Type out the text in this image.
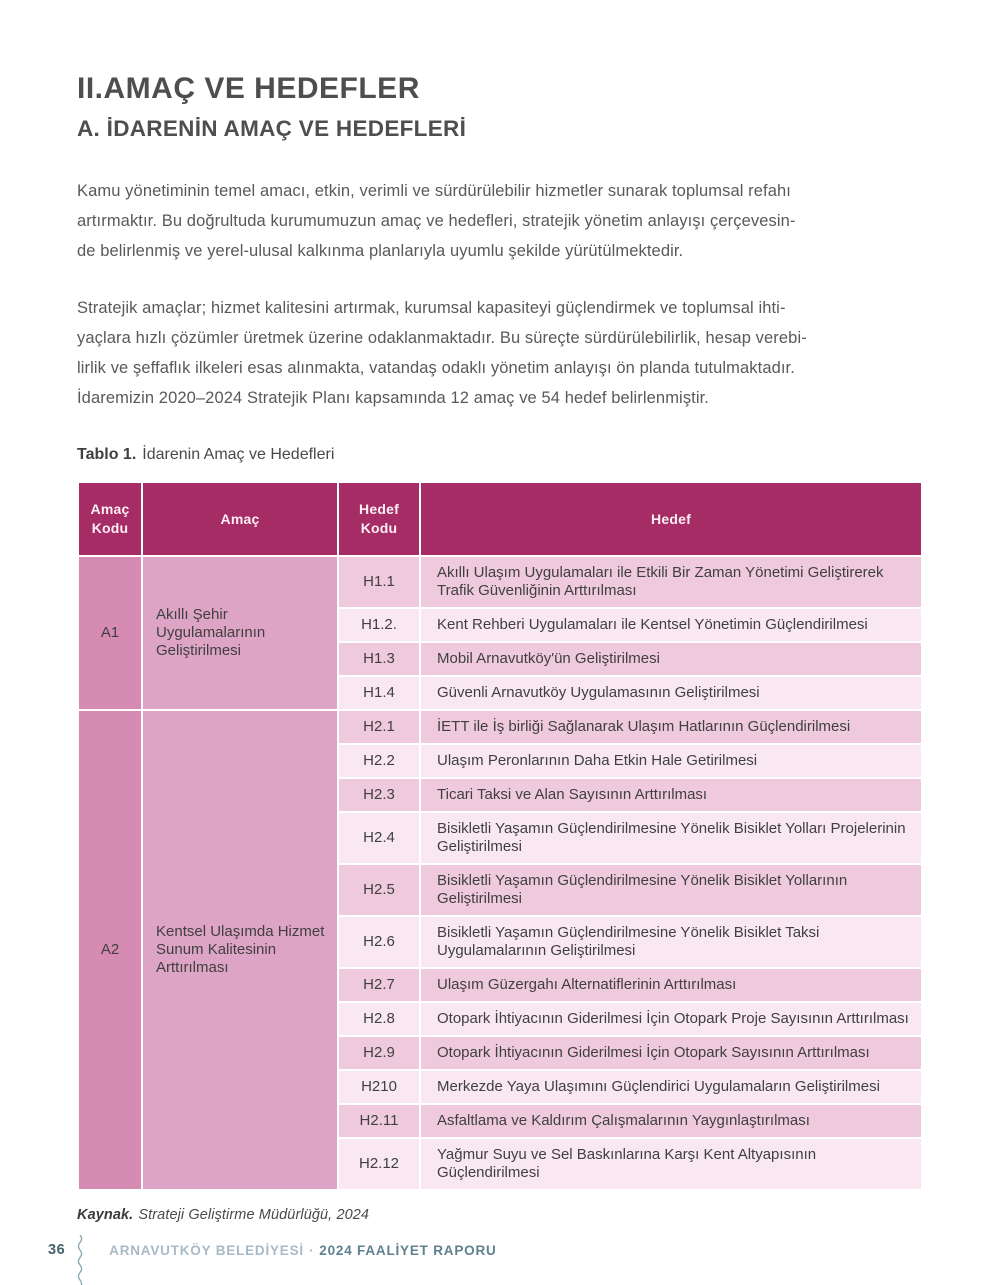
II.AMAÇ VE HEDEFLER
A. İDARENİN AMAÇ VE HEDEFLERİ
Kamu yönetiminin temel amacı, etkin, verimli ve sürdürülebilir hizmetler sunarak toplumsal refahı
artırmaktır. Bu doğrultuda kurumumuzun amaç ve hedefleri, stratejik yönetim anlayışı çerçevesin-
de belirlenmiş ve yerel-ulusal kalkınma planlarıyla uyumlu şekilde yürütülmektedir.
Stratejik amaçlar; hizmet kalitesini artırmak, kurumsal kapasiteyi güçlendirmek ve toplumsal ihti-
yaçlara hızlı çözümler üretmek üzerine odaklanmaktadır. Bu süreçte sürdürülebilirlik, hesap verebi-
lirlik ve şeffaflık ilkeleri esas alınmakta, vatandaş odaklı yönetim anlayışı ön planda tutulmaktadır.
İdaremizin 2020–2024 Stratejik Planı kapsamında 12 amaç ve 54 hedef belirlenmiştir.
Tablo 1. İdarenin Amaç ve Hedefleri
Amaç Kodu	Amaç	Hedef Kodu	Hedef
A1	Akıllı Şehir Uygulamalarının Geliştirilmesi	H1.1	Akıllı Ulaşım Uygulamaları ile Etkili Bir Zaman Yönetimi Geliştirerek Trafik Güvenliğinin Arttırılması
		H1.2.	Kent Rehberi Uygulamaları ile Kentsel Yönetimin Güçlendirilmesi
		H1.3	Mobil Arnavutköy'ün Geliştirilmesi
		H1.4	Güvenli Arnavutköy Uygulamasının Geliştirilmesi
A2	Kentsel Ulaşımda Hizmet Sunum Kalitesinin Arttırılması	H2.1	İETT ile İş birliği Sağlanarak Ulaşım Hatlarının Güçlendirilmesi
		H2.2	Ulaşım Peronlarının Daha Etkin Hale Getirilmesi
		H2.3	Ticari Taksi ve Alan Sayısının Arttırılması
		H2.4	Bisikletli Yaşamın Güçlendirilmesine Yönelik Bisiklet Yolları Projelerinin Geliştirilmesi
		H2.5	Bisikletli Yaşamın Güçlendirilmesine Yönelik Bisiklet Yollarının Geliştirilmesi
		H2.6	Bisikletli Yaşamın Güçlendirilmesine Yönelik Bisiklet Taksi Uygulamalarının Geliştirilmesi
		H2.7	Ulaşım Güzergahı Alternatiflerinin Arttırılması
		H2.8	Otopark İhtiyacının Giderilmesi İçin Otopark Proje Sayısının Arttırılması
		H2.9	Otopark İhtiyacının Giderilmesi İçin Otopark Sayısının Arttırılması
		H210	Merkezde Yaya Ulaşımını Güçlendirici Uygulamaların Geliştirilmesi
		H2.11	Asfaltlama ve Kaldırım Çalışmalarının Yaygınlaştırılması
		H2.12	Yağmur Suyu ve Sel Baskınlarına Karşı Kent Altyapısının Güçlendirilmesi
Kaynak. Strateji Geliştirme Müdürlüğü, 2024
36	ARNAVUTKÖY BELEDİYESİ · 2024 FAALİYET RAPORU
